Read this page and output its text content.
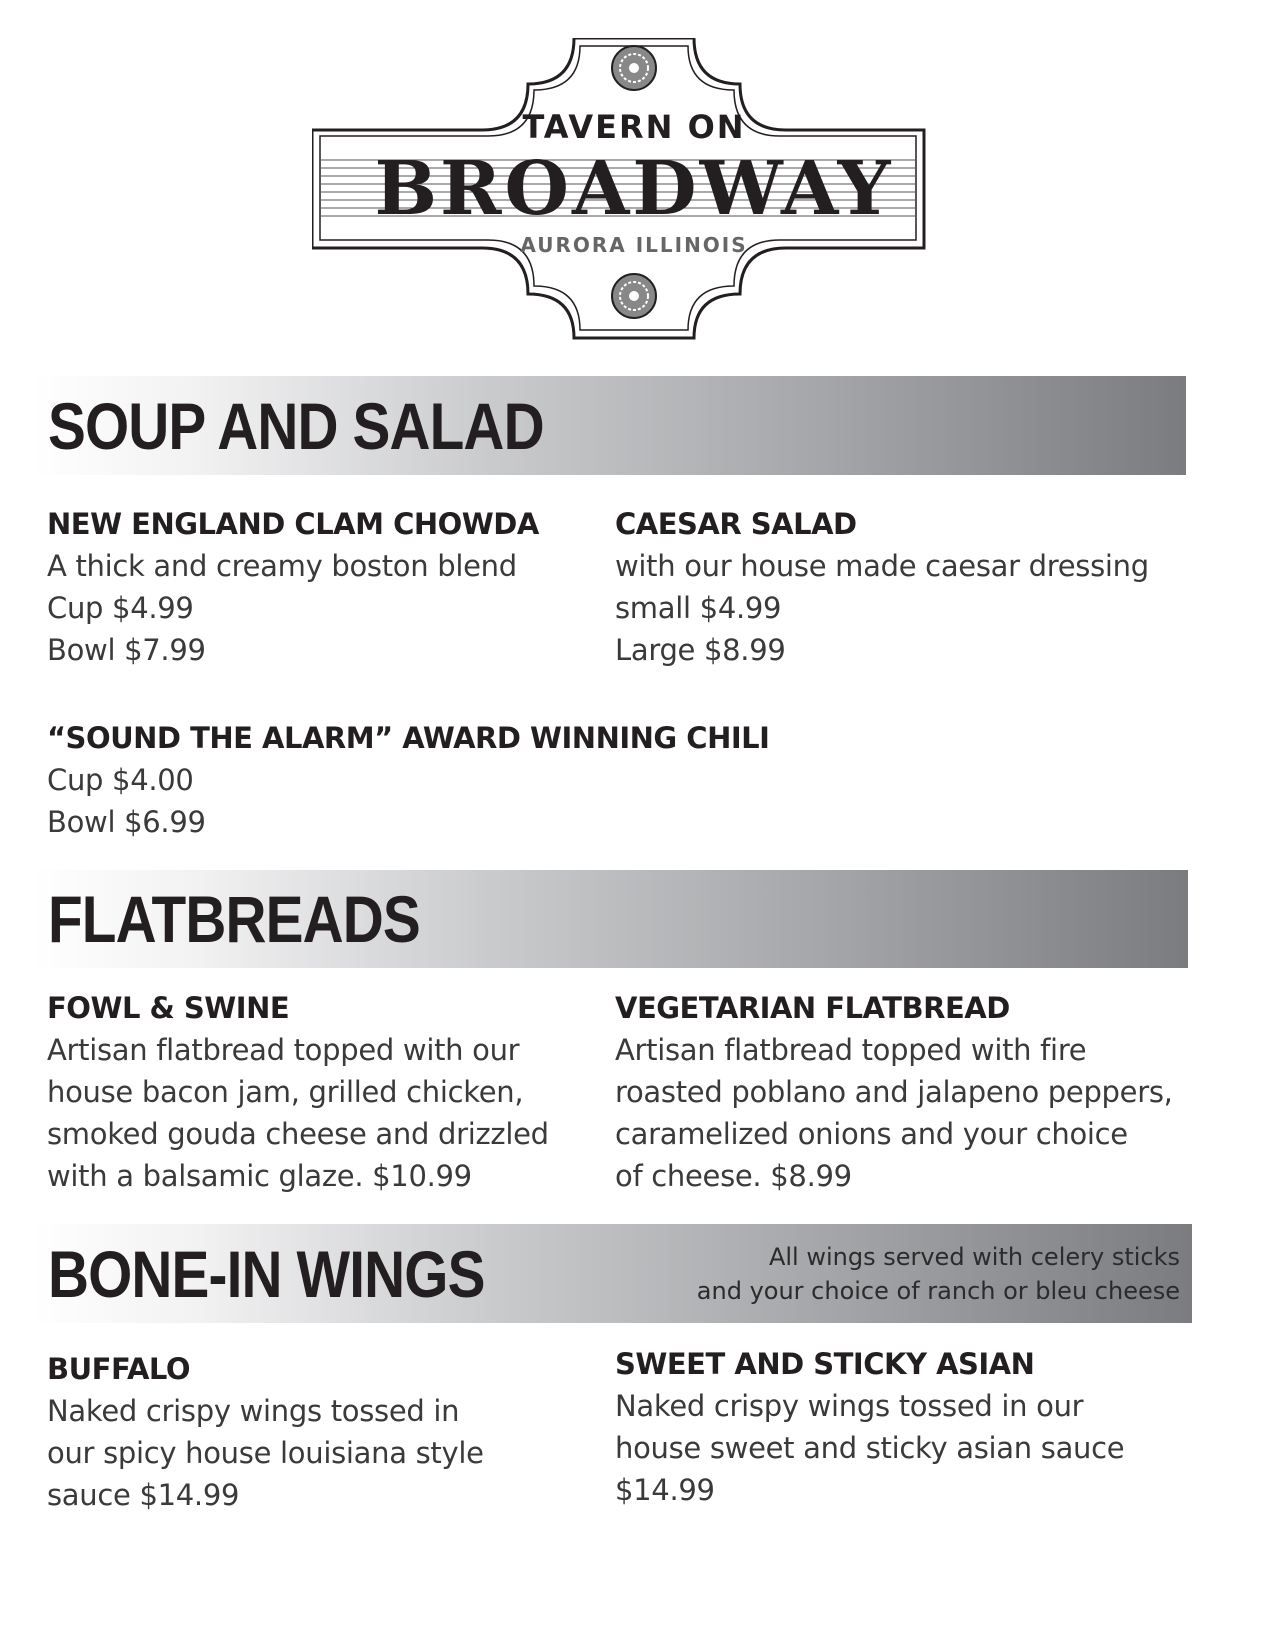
TAVERN ON
BROADWAY
AURORA ILLINOIS
SOUP AND SALAD
NEW ENGLAND CLAM CHOWDA
A thick and creamy boston blend
Cup $4.99
Bowl $7.99
CAESAR SALAD
with our house made caesar dressing
small $4.99
Large $8.99
“SOUND THE ALARM” AWARD WINNING CHILI
Cup $4.00
Bowl $6.99
FLATBREADS
FOWL & SWINE
Artisan flatbread topped with our
house bacon jam, grilled chicken,
smoked gouda cheese and drizzled
with a balsamic glaze. $10.99
VEGETARIAN FLATBREAD
Artisan flatbread topped with fire
roasted poblano and jalapeno peppers,
caramelized onions and your choice
of cheese. $8.99
BONE-IN WINGS	All wings served with celery sticks
and your choice of ranch or bleu cheese
BUFFALO
Naked crispy wings tossed in
our spicy house louisiana style
sauce $14.99
SWEET AND STICKY ASIAN
Naked crispy wings tossed in our
house sweet and sticky asian sauce
$14.99
